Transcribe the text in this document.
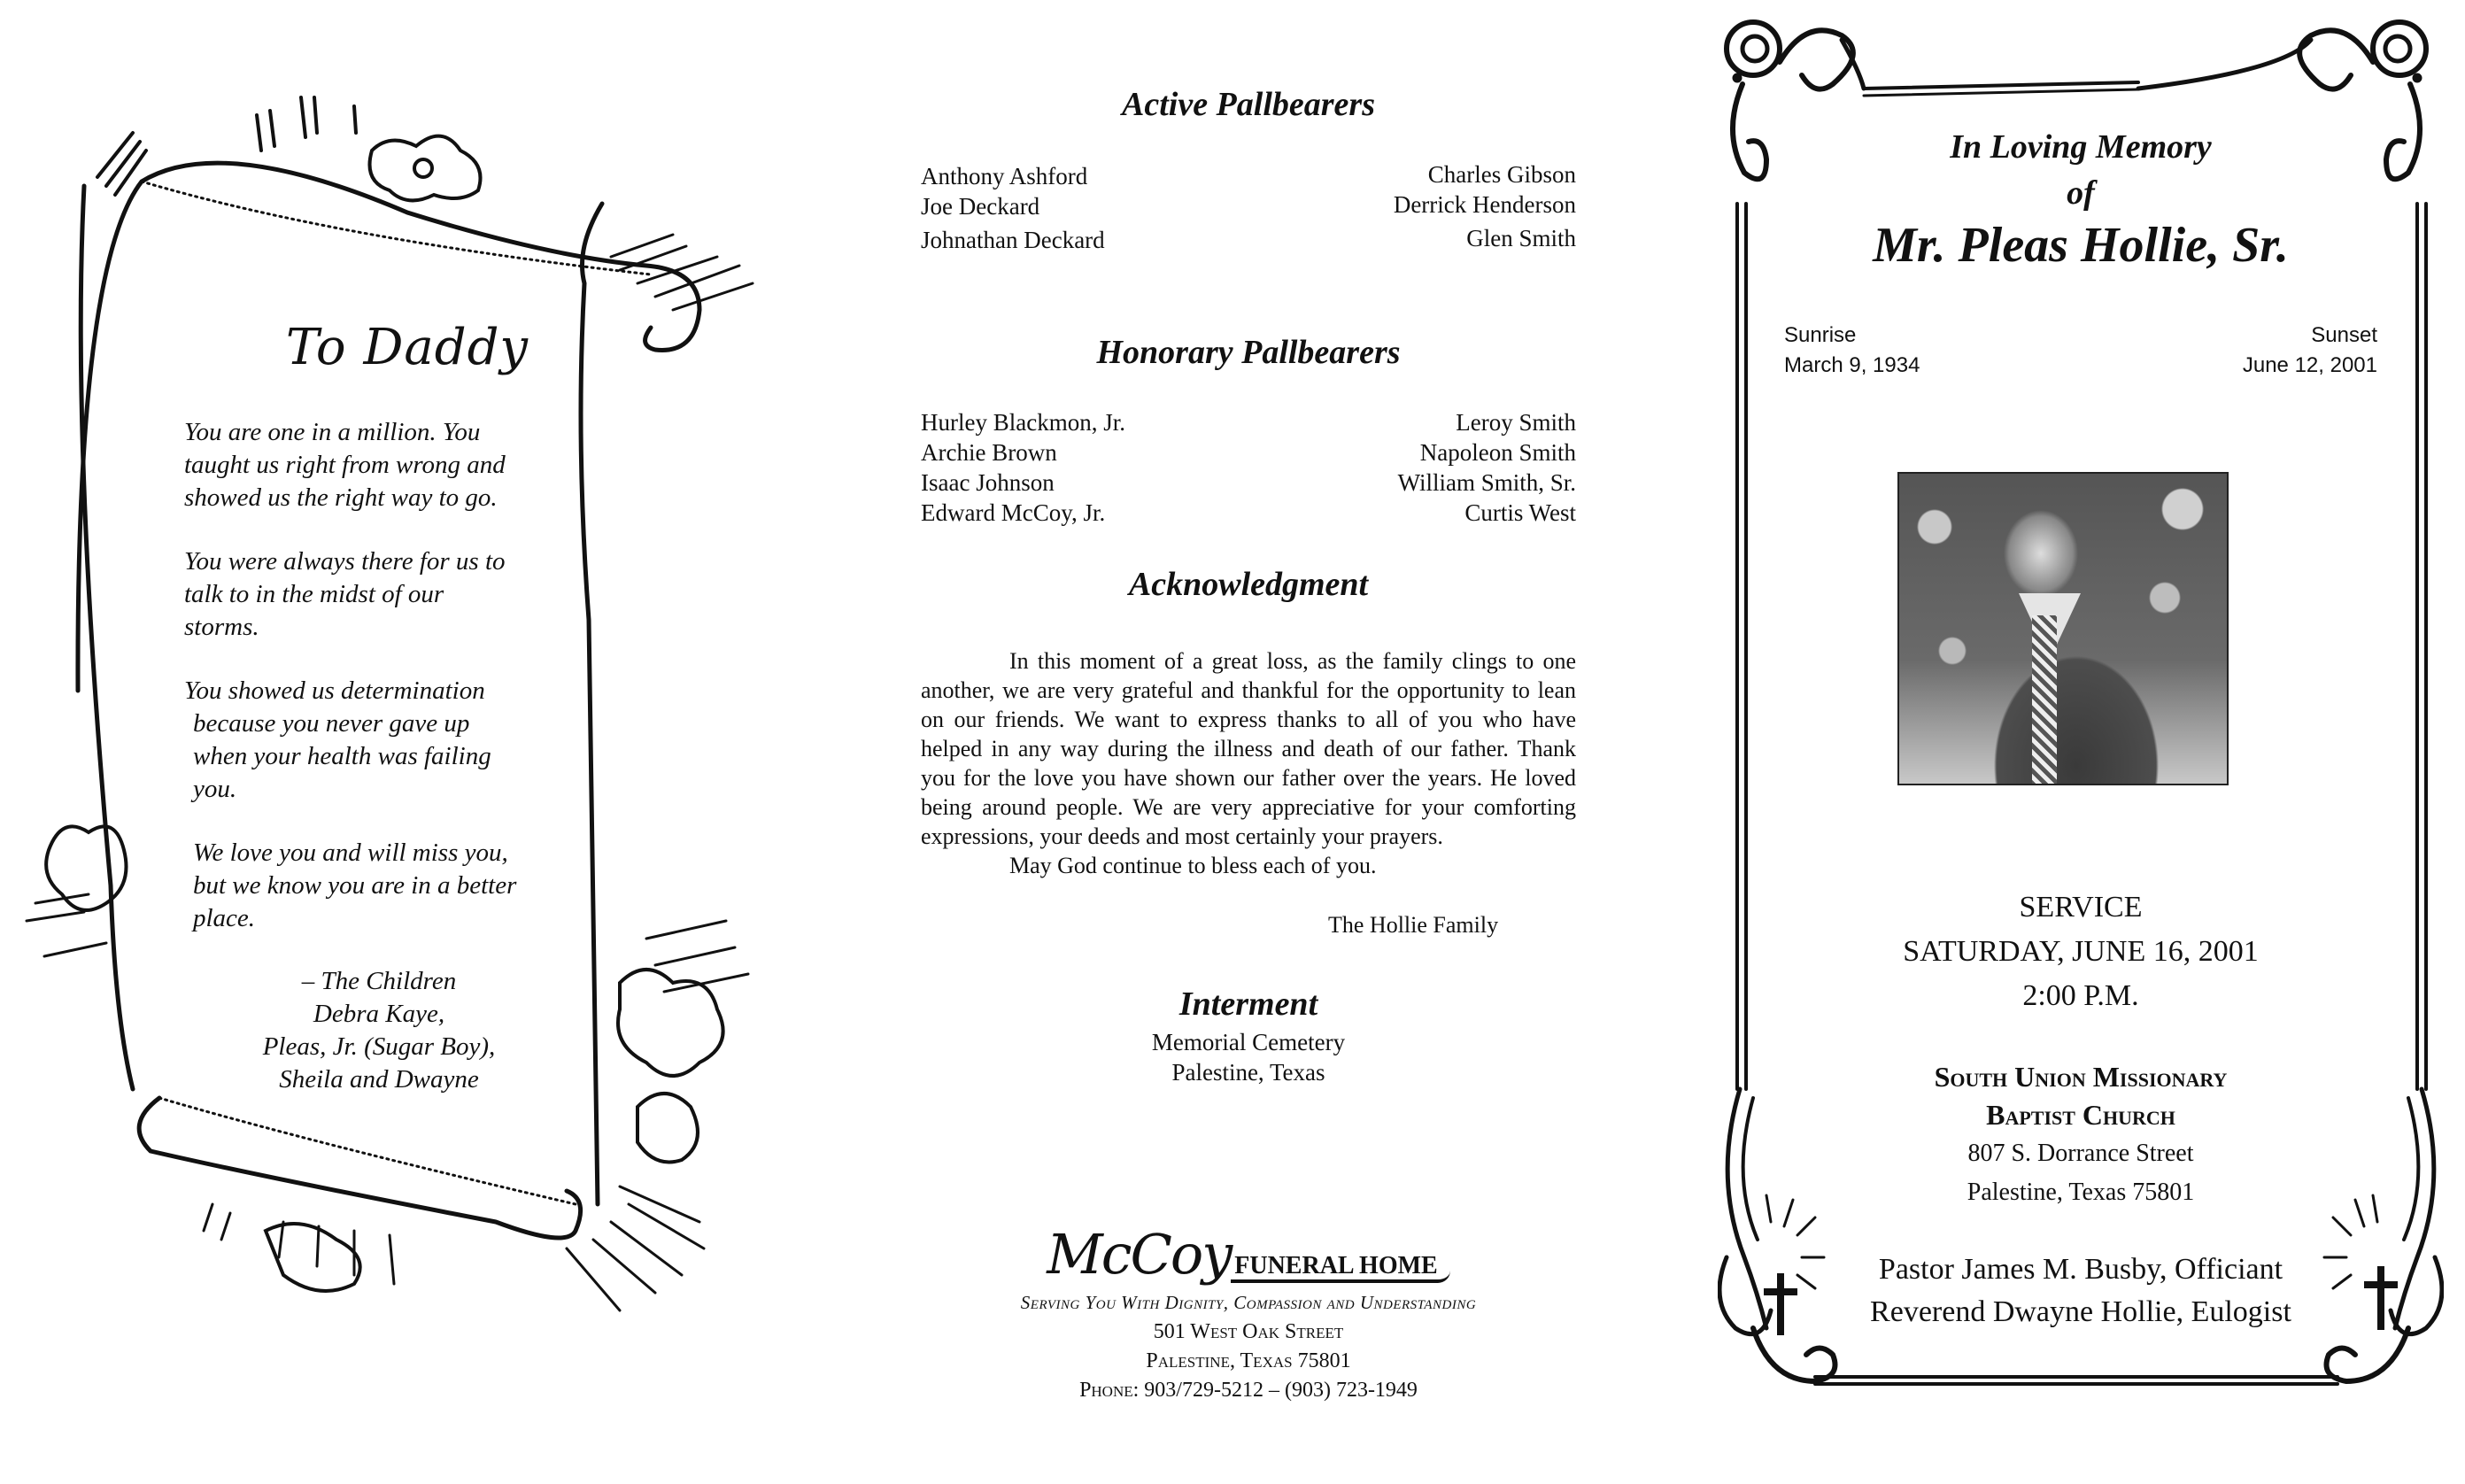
To Daddy

You are one in a million. You
taught us right from wrong and
showed us the right way to go.

You were always there for us to
talk to in the midst of our
storms.

You showed us determination
because you never gave up
when your health was failing
you.

We love you and will miss you,
but we know you are in a better
place.

– The Children
Debra Kaye,
Pleas, Jr. (Sugar Boy),
Sheila and Dwayne
Active Pallbearers
Anthony Ashford
Joe Deckard
Johnathan Deckard
Charles Gibson
Derrick Henderson
Glen Smith
Honorary Pallbearers
Hurley Blackmon, Jr.
Archie Brown
Isaac Johnson
Edward McCoy, Jr.
Leroy Smith
Napoleon Smith
William Smith, Sr.
Curtis West
Acknowledgment
In this moment of a great loss, as the family clings to one another, we are very grateful and thankful for the opportunity to lean on our friends. We want to express thanks to all of you who have helped in any way during the illness and death of our father. Thank you for the love you have shown our father over the years. He loved being around people. We are very appreciative for your comforting expressions, your deeds and most certainly your prayers.
May God continue to bless each of you.
The Hollie Family
Interment
Memorial Cemetery
Palestine, Texas
McCoy FUNERAL HOME
Serving You With Dignity, Compassion and Understanding
501 West Oak Street
Palestine, Texas 75801
Phone: 903/729-5212 – (903) 723-1949
In Loving Memory
of
Mr. Pleas Hollie, Sr.
Sunrise
March 9, 1934
Sunset
June 12, 2001
SERVICE
SATURDAY, JUNE 16, 2001
2:00 P.M.
South Union Missionary
Baptist Church
807 S. Dorrance Street
Palestine, Texas 75801
Pastor James M. Busby, Officiant
Reverend Dwayne Hollie, Eulogist
